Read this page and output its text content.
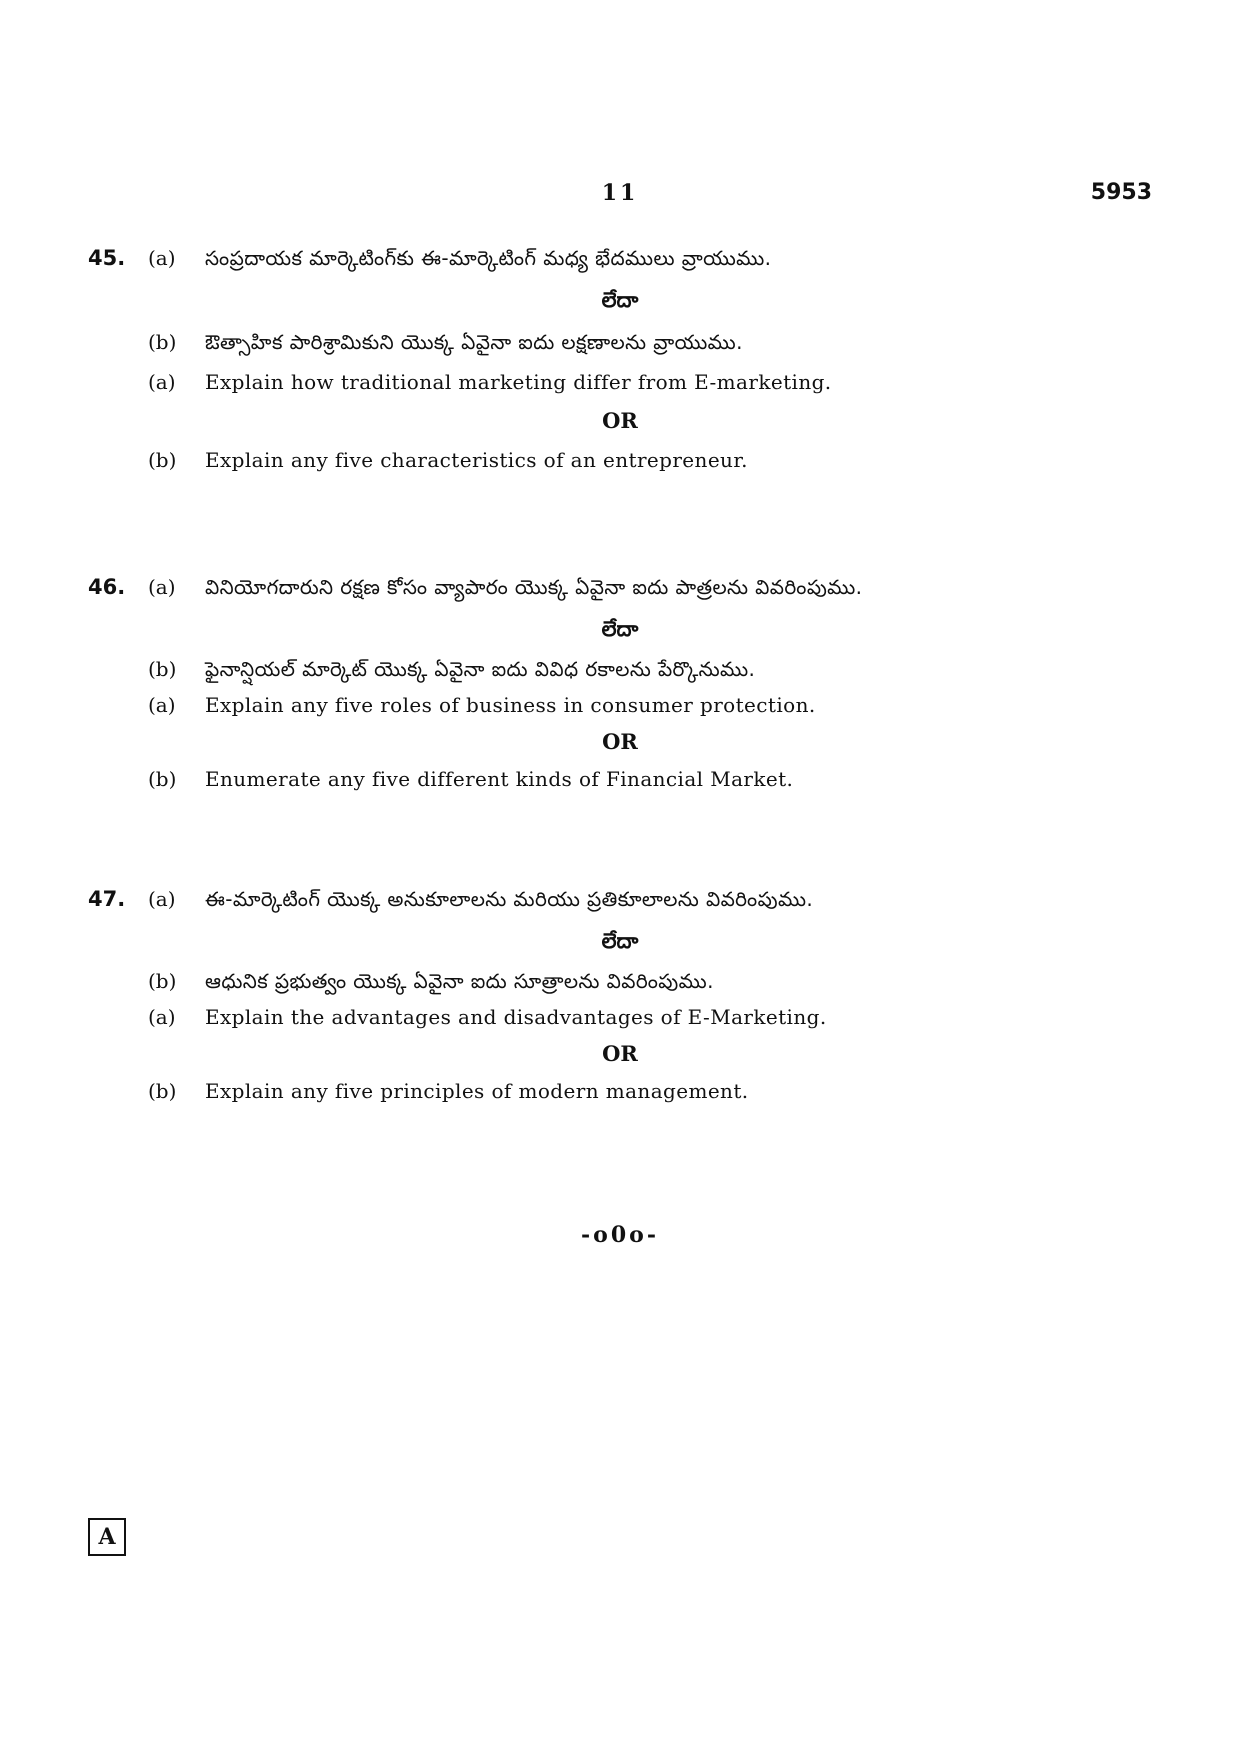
11	5953
45. (a) సంప్రదాయక మార్కెటింగ్‌కు ఈ-మార్కెటింగ్ మధ్య భేదములు వ్రాయుము.
లేదా
(b) ఔత్సాహిక పారిశ్రామికుని యొక్క ఏవైనా ఐదు లక్షణాలను వ్రాయుము.
(a) Explain how traditional marketing differ from E-marketing.
OR
(b) Explain any five characteristics of an entrepreneur.
46. (a) వినియోగదారుని రక్షణ కోసం వ్యాపారం యొక్క ఏవైనా ఐదు పాత్రలను వివరింపుము.
లేదా
(b) ఫైనాన్షియల్ మార్కెట్ యొక్క ఏవైనా ఐదు వివిధ రకాలను పేర్కొనుము.
(a) Explain any five roles of business in consumer protection.
OR
(b) Enumerate any five different kinds of Financial Market.
47. (a) ఈ-మార్కెటింగ్ యొక్క అనుకూలాలను మరియు ప్రతికూలాలను వివరింపుము.
లేదా
(b) ఆధునిక ప్రభుత్వం యొక్క ఏవైనా ఐదు సూత్రాలను వివరింపుము.
(a) Explain the advantages and disadvantages of E-Marketing.
OR
(b) Explain any five principles of modern management.
-o0o-
A
